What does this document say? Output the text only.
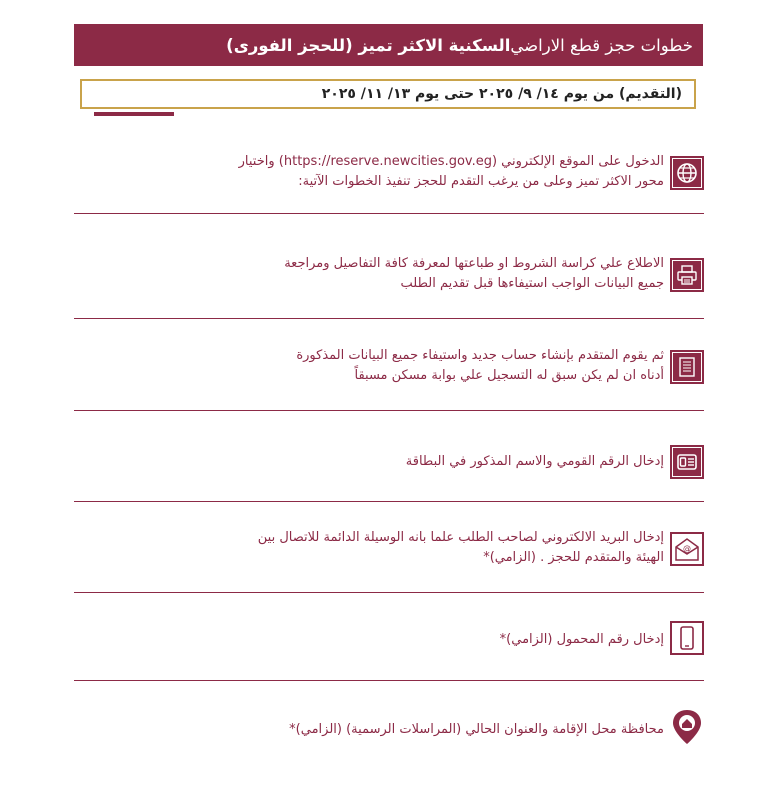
خطوات حجز قطع الاراضي
السكنية الاكثر تميز (للحجز الفورى)
(التقديم) من يوم ١٤/ ٩/ ٢٠٢٥ حتى يوم ١٣/ ١١/ ٢٠٢٥
الدخول على الموقع الإلكتروني (https://reserve.newcities.gov.eg) واختيار
محور الاكثر تميز وعلى من يرغب التقدم للحجز تنفيذ الخطوات الآتية:
الاطلاع علي كراسة الشروط او طباعتها لمعرفة كافة التفاصيل ومراجعة
جميع البيانات الواجب استيفاءها قبل تقديم الطلب
ثم يقوم المتقدم بإنشاء حساب جديد واستيفاء جميع البيانات المذكورة
أدناه ان لم يكن سبق له التسجيل علي بوابة مسكن مسبقاً
إدخال الرقم القومي والاسم المذكور في البطاقة
@
إدخال البريد الالكتروني لصاحب الطلب علما بانه الوسيلة الدائمة للاتصال بين
الهيئة والمتقدم للحجز . (الزامي)*
إدخال رقم المحمول (الزامي)*
محافظة محل الإقامة والعنوان الحالي (المراسلات الرسمية) (الزامي)*
